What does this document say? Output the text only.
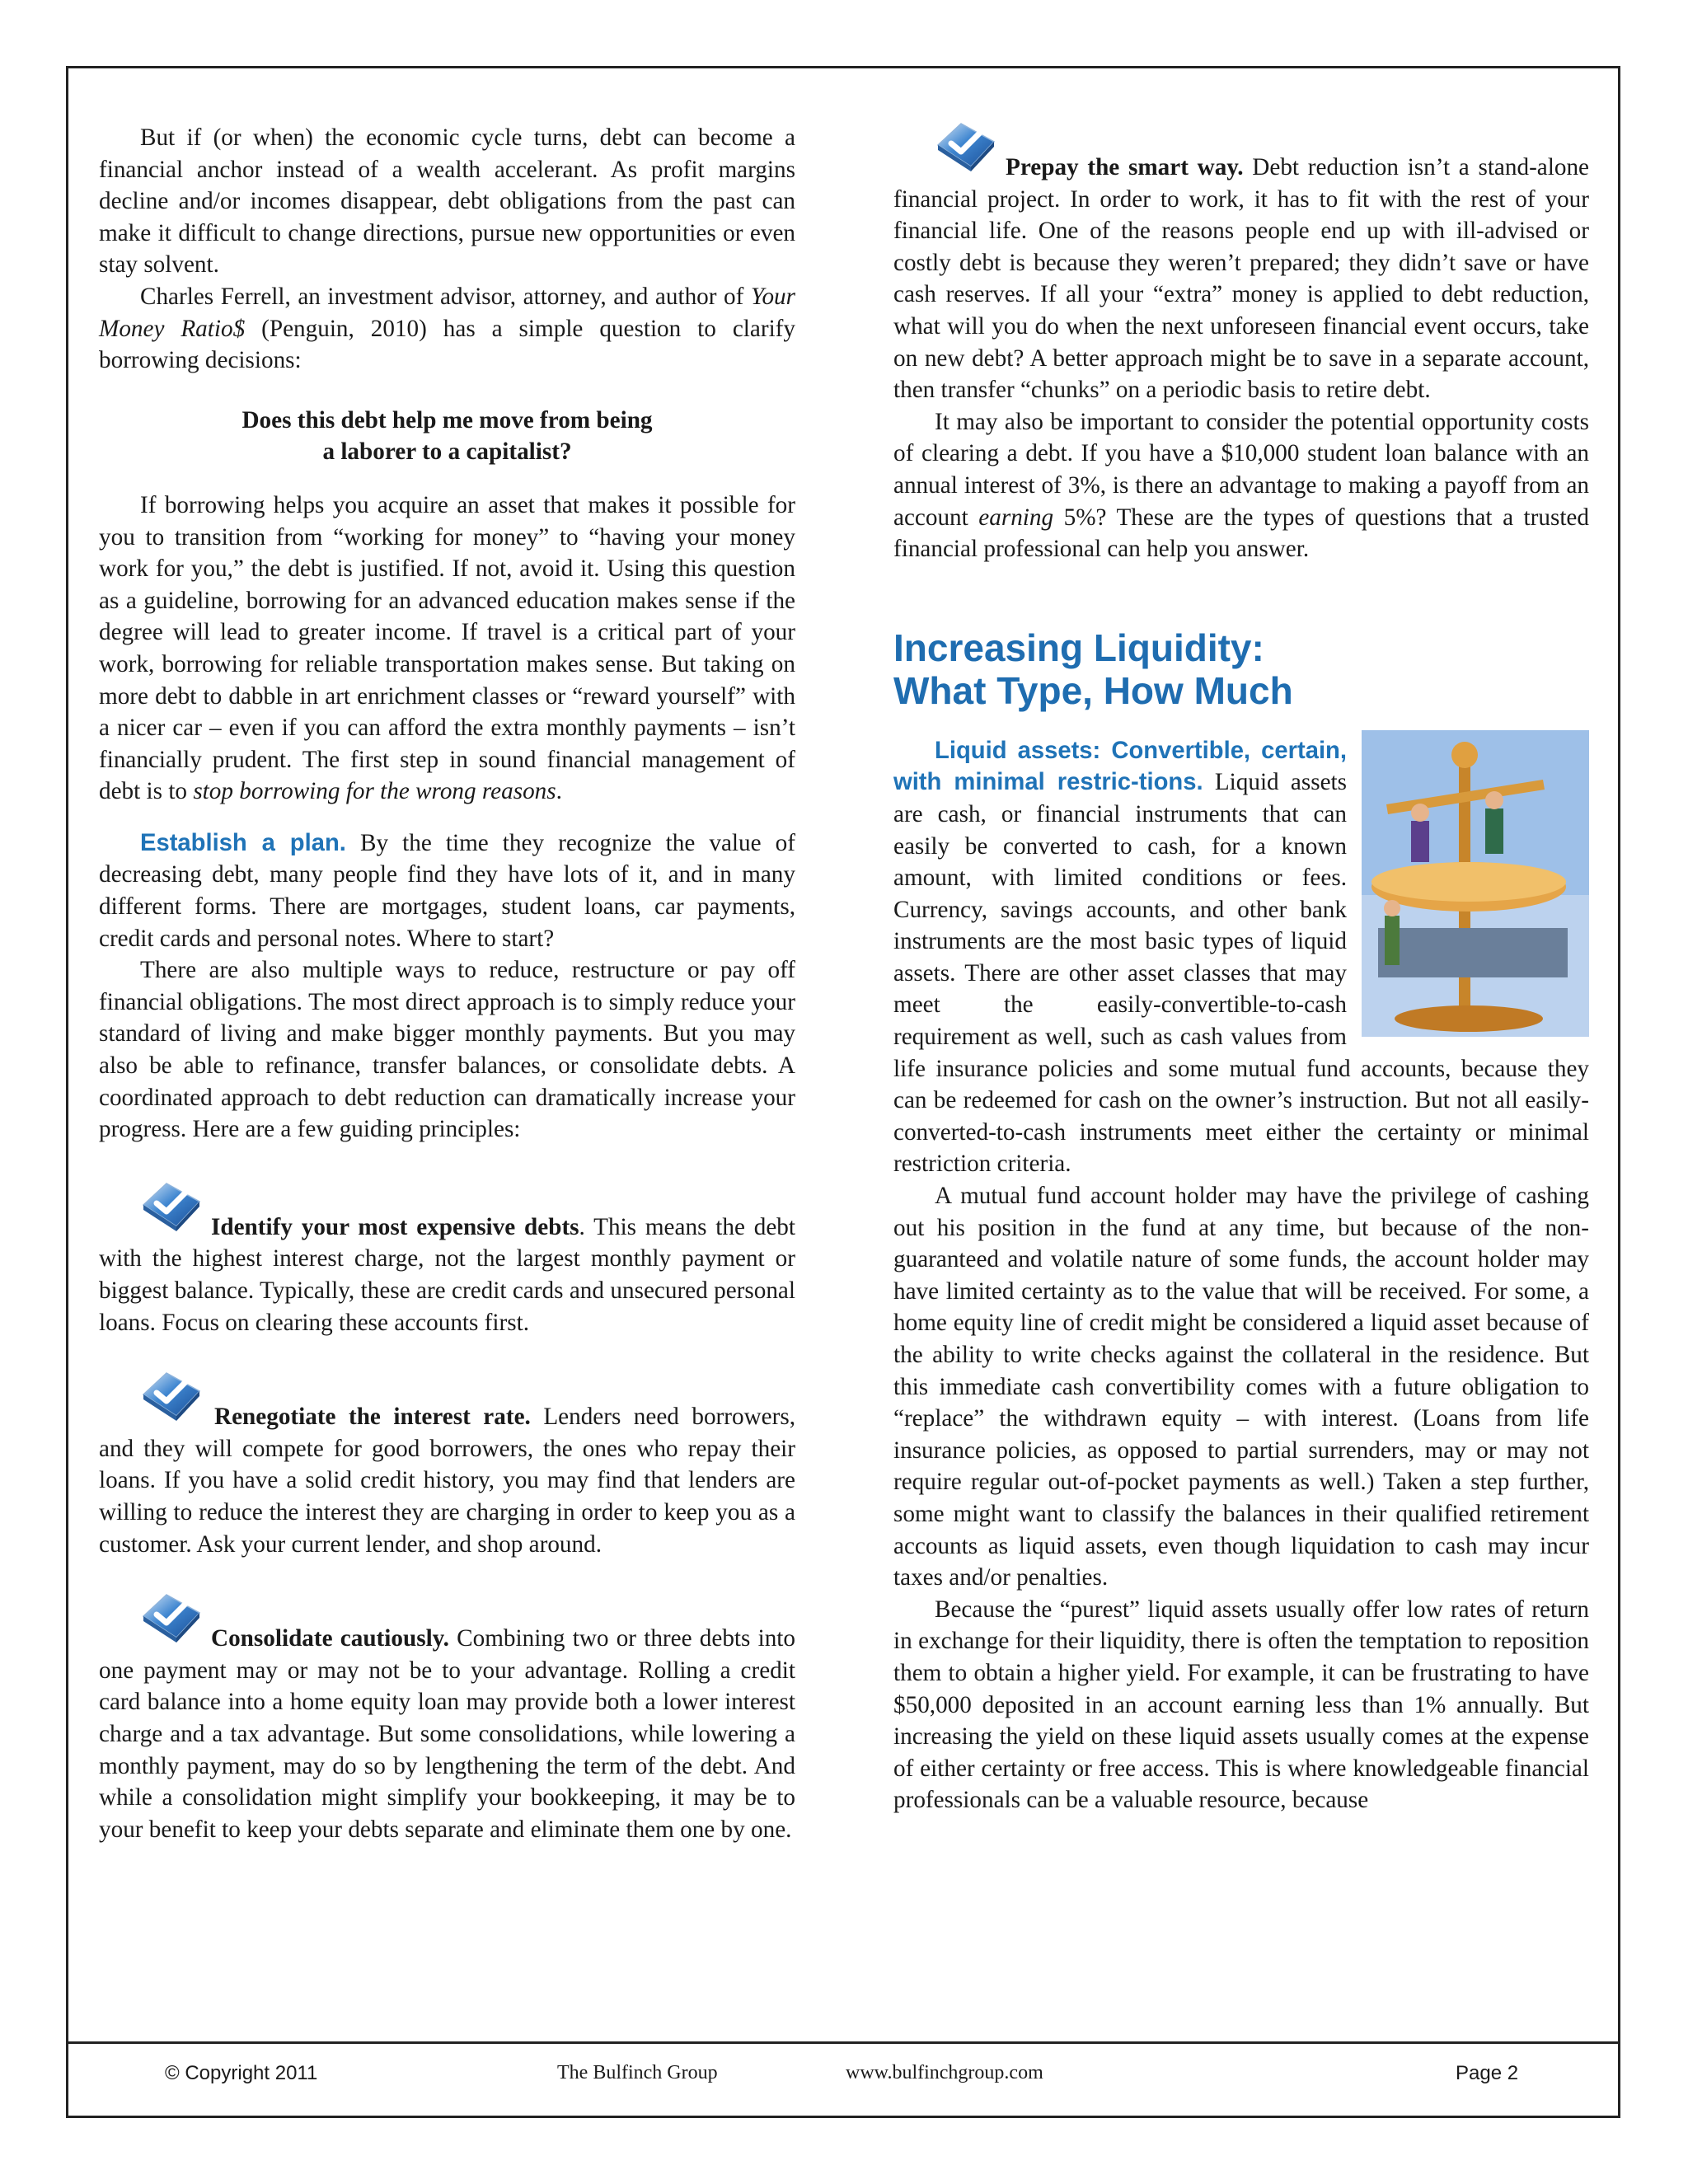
But if (or when) the economic cycle turns, debt can become a financial anchor instead of a wealth accelerant. As profit margins decline and/or incomes disappear, debt obligations from the past can make it difficult to change directions, pursue new opportunities or even stay solvent.

Charles Ferrell, an investment advisor, attorney, and author of Your Money Ratio$ (Penguin, 2010) has a simple question to clarify borrowing decisions:

Does this debt help me move from being
a laborer to a capitalist?

If borrowing helps you acquire an asset that makes it possible for you to transition from “working for money” to “having your money work for you,” the debt is justified. If not, avoid it. Using this question as a guideline, borrowing for an advanced education makes sense if the degree will lead to greater income. If travel is a critical part of your work, borrowing for reliable transportation makes sense. But taking on more debt to dabble in art enrichment classes or “reward yourself” with a nicer car – even if you can afford the extra monthly payments – isn’t financially prudent. The first step in sound financial management of debt is to stop borrowing for the wrong reasons.

Establish a plan. By the time they recognize the value of decreasing debt, many people find they have lots of it, and in many different forms. There are mortgages, student loans, car payments, credit cards and personal notes. Where to start?

There are also multiple ways to reduce, restructure or pay off financial obligations. The most direct approach is to simply reduce your standard of living and make bigger monthly payments. But you may also be able to refinance, transfer balances, or consolidate debts. A coordinated approach to debt reduction can dramatically increase your progress. Here are a few guiding principles:

Identify your most expensive debts. This means the debt with the highest interest charge, not the largest monthly payment or biggest balance. Typically, these are credit cards and unsecured personal loans. Focus on clearing these accounts first.

Renegotiate the interest rate. Lenders need borrowers, and they will compete for good borrowers, the ones who repay their loans. If you have a solid credit history, you may find that lenders are willing to reduce the interest they are charging in order to keep you as a customer. Ask your current lender, and shop around.

Consolidate cautiously. Combining two or three debts into one payment may or may not be to your advantage. Rolling a credit card balance into a home equity loan may provide both a lower interest charge and a tax advantage. But some consolidations, while lowering a monthly payment, may do so by lengthening the term of the debt. And while a consolidation might simplify your bookkeeping, it may be to your benefit to keep your debts separate and eliminate them one by one.

Prepay the smart way. Debt reduction isn’t a stand-alone financial project. In order to work, it has to fit with the rest of your financial life. One of the reasons people end up with ill-advised or costly debt is because they weren’t prepared; they didn’t save or have cash reserves. If all your “extra” money is applied to debt reduction, what will you do when the next unforeseen financial event occurs, take on new debt? A better approach might be to save in a separate account, then transfer “chunks” on a periodic basis to retire debt.

It may also be important to consider the potential opportunity costs of clearing a debt. If you have a $10,000 student loan balance with an annual interest of 3%, is there an advantage to making a payoff from an account earning 5%? These are the types of questions that a trusted financial professional can help you answer.

Increasing Liquidity:
What Type, How Much

Liquid assets: Convertible, certain, with minimal restric-tions. Liquid assets are cash, or financial instruments that can easily be converted to cash, for a known amount, with limited conditions or fees. Currency, savings accounts, and other bank instruments are the most basic types of liquid assets. There are other asset classes that may meet the easily-convertible-to-cash requirement as well, such as cash values from life insurance policies and some mutual fund accounts, because they can be redeemed for cash on the owner’s instruction. But not all easily-converted-to-cash instruments meet either the certainty or minimal restriction criteria.

A mutual fund account holder may have the privilege of cashing out his position in the fund at any time, but because of the non-guaranteed and volatile nature of some funds, the account holder may have limited certainty as to the value that will be received. For some, a home equity line of credit might be considered a liquid asset because of the ability to write checks against the collateral in the residence. But this immediate cash convertibility comes with a future obligation to “replace” the withdrawn equity – with interest. (Loans from life insurance policies, as opposed to partial surrenders, may or may not require regular out-of-pocket payments as well.) Taken a step further, some might want to classify the balances in their qualified retirement accounts as liquid assets, even though liquidation to cash may incur taxes and/or penalties.

Because the “purest” liquid assets usually offer low rates of return in exchange for their liquidity, there is often the temptation to reposition them to obtain a higher yield. For example, it can be frustrating to have $50,000 deposited in an account earning less than 1% annually. But increasing the yield on these liquid assets usually comes at the expense of either certainty or free access. This is where knowledgeable financial professionals can be a valuable resource, because

© Copyright 2011	The Bulfinch Group	www.bulfinchgroup.com	Page 2
